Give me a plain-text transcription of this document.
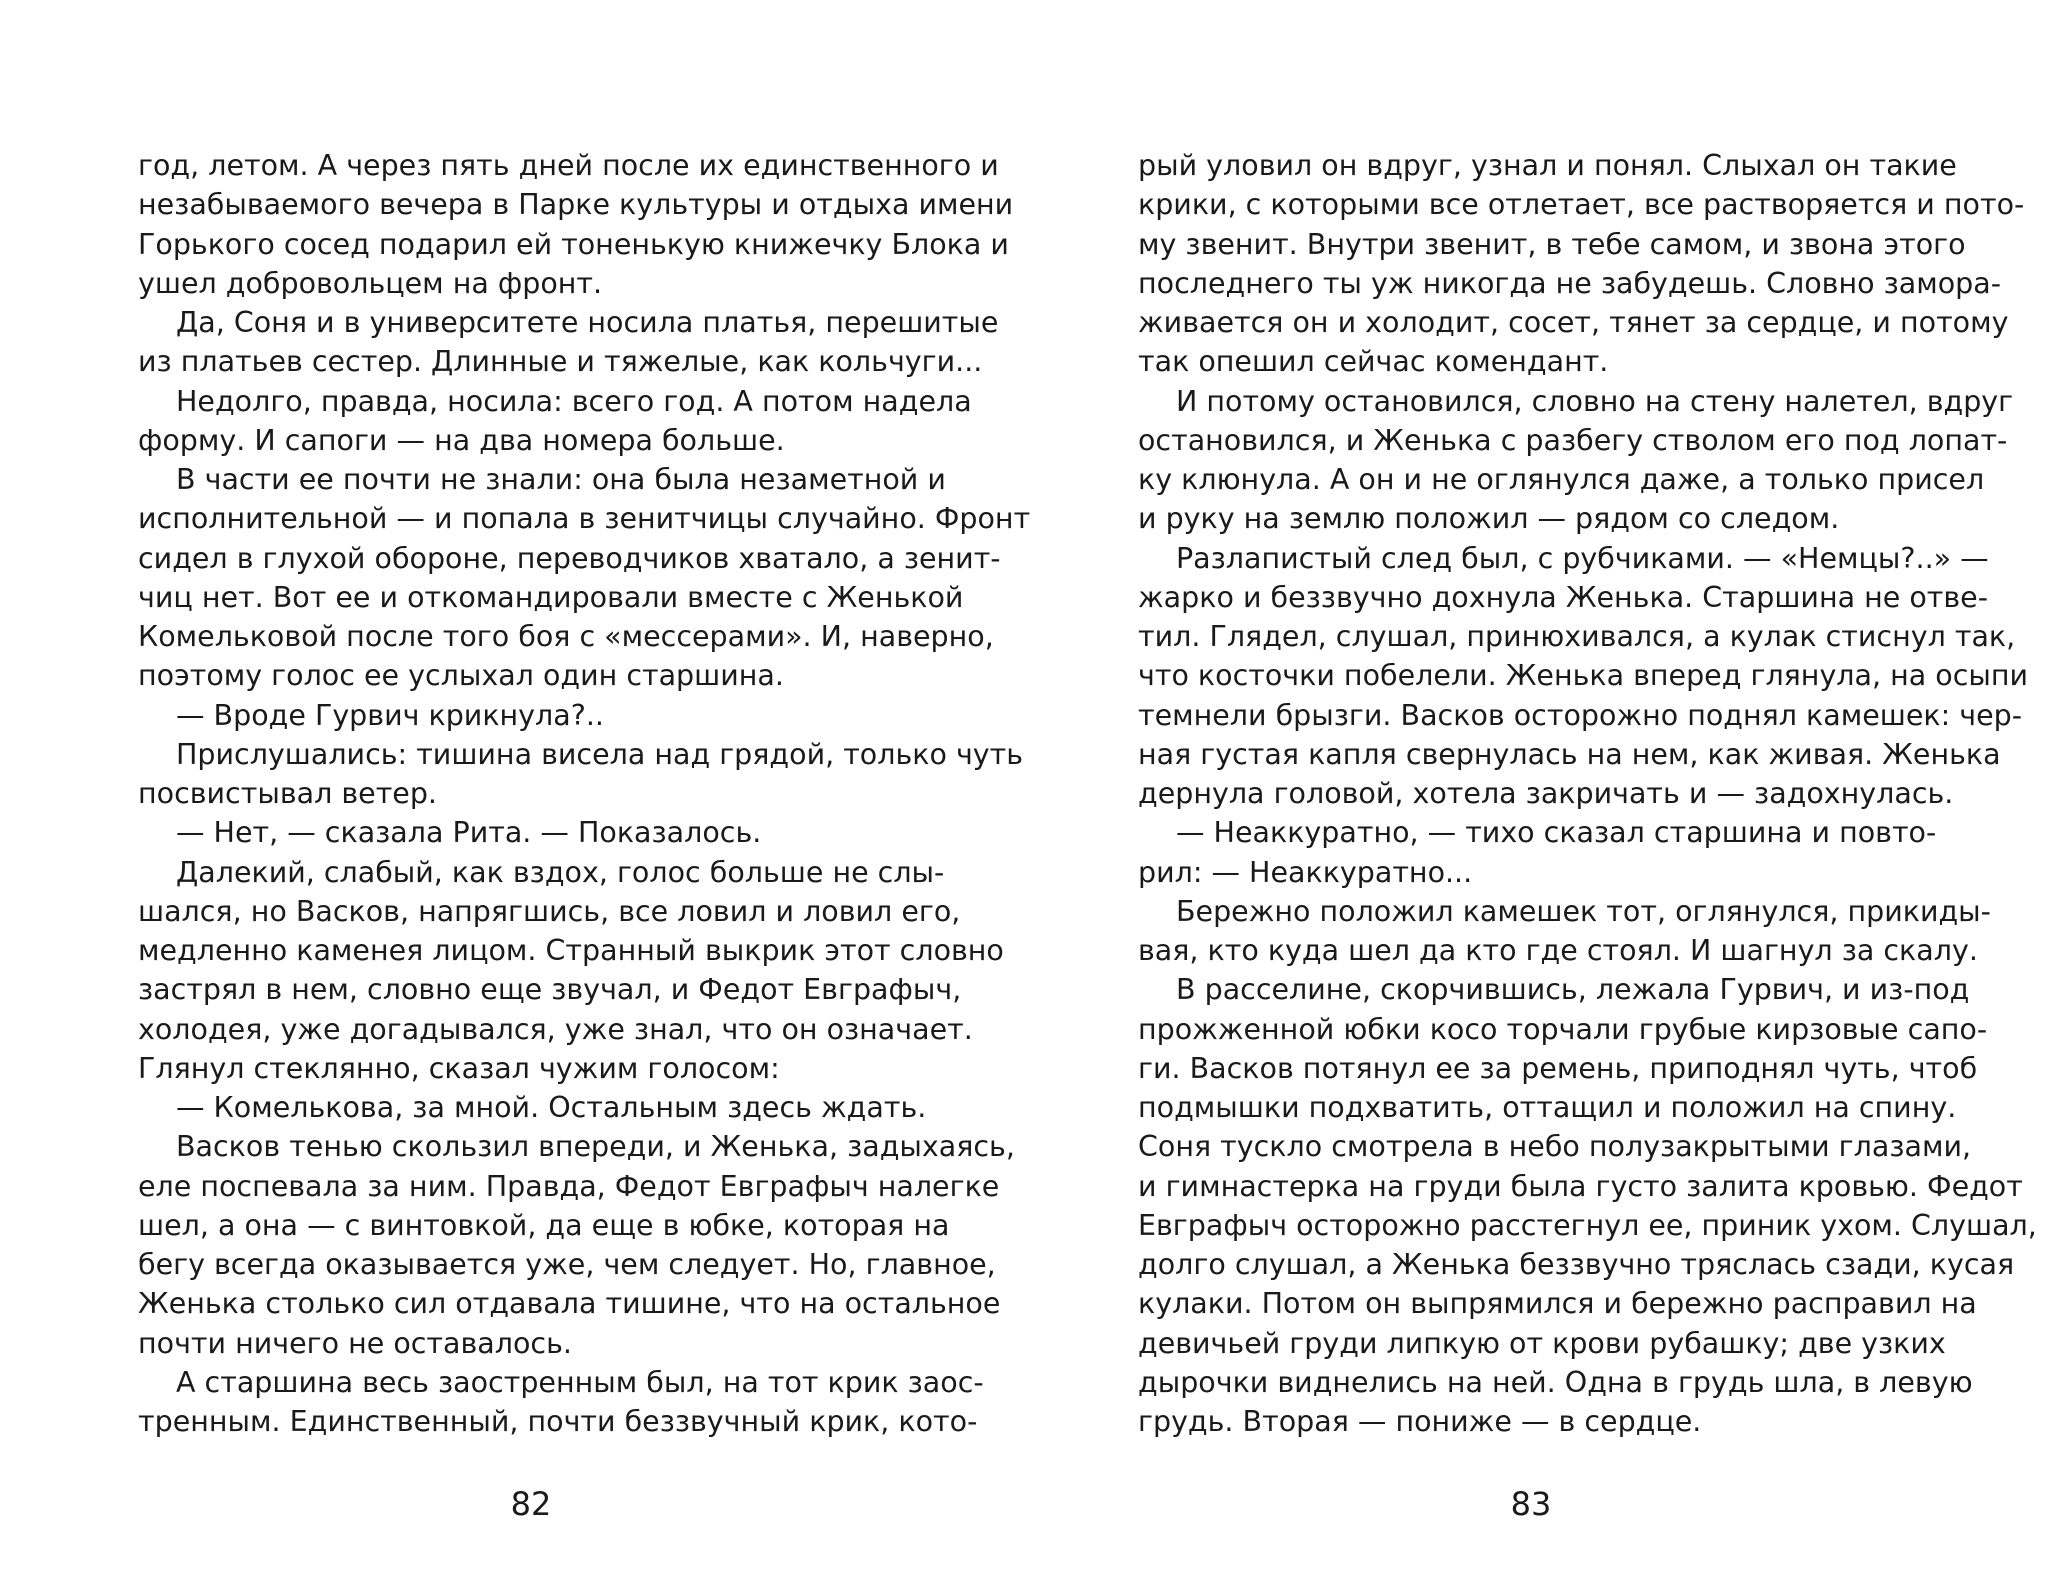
год, летом. А через пять дней после их единственного и
незабываемого вечера в Парке культуры и отдыха имени
Горького сосед подарил ей тоненькую книжечку Блока и
ушел добровольцем на фронт.
Да, Соня и в университете носила платья, перешитые
из платьев сестер. Длинные и тяжелые, как кольчуги...
Недолго, правда, носила: всего год. А потом надела
форму. И сапоги — на два номера больше.
В части ее почти не знали: она была незаметной и
исполнительной — и попала в зенитчицы случайно. Фронт
сидел в глухой обороне, переводчиков хватало, а зенит-
чиц нет. Вот ее и откомандировали вместе с Женькой
Комельковой после того боя с «мессерами». И, наверно,
поэтому голос ее услыхал один старшина.
— Вроде Гурвич крикнула?..
Прислушались: тишина висела над грядой, только чуть
посвистывал ветер.
— Нет, — сказала Рита. — Показалось.
Далекий, слабый, как вздох, голос больше не слы-
шался, но Васков, напрягшись, все ловил и ловил его,
медленно каменея лицом. Странный выкрик этот словно
застрял в нем, словно еще звучал, и Федот Евграфыч,
холодея, уже догадывался, уже знал, что он означает.
Глянул стеклянно, сказал чужим голосом:
— Комелькова, за мной. Остальным здесь ждать.
Васков тенью скользил впереди, и Женька, задыхаясь,
еле поспевала за ним. Правда, Федот Евграфыч налегке
шел, а она — с винтовкой, да еще в юбке, которая на
бегу всегда оказывается уже, чем следует. Но, главное,
Женька столько сил отдавала тишине, что на остальное
почти ничего не оставалось.
А старшина весь заостренным был, на тот крик заос-
тренным. Единственный, почти беззвучный крик, кото-
рый уловил он вдруг, узнал и понял. Слыхал он такие
крики, с которыми все отлетает, все растворяется и пото-
му звенит. Внутри звенит, в тебе самом, и звона этого
последнего ты уж никогда не забудешь. Словно замора-
живается он и холодит, сосет, тянет за сердце, и потому
так опешил сейчас комендант.
И потому остановился, словно на стену налетел, вдруг
остановился, и Женька с разбегу стволом его под лопат-
ку клюнула. А он и не оглянулся даже, а только присел
и руку на землю положил — рядом со следом.
Разлапистый след был, с рубчиками. — «Немцы?..» —
жарко и беззвучно дохнула Женька. Старшина не отве-
тил. Глядел, слушал, принюхивался, а кулак стиснул так,
что косточки побелели. Женька вперед глянула, на осыпи
темнели брызги. Васков осторожно поднял камешек: чер-
ная густая капля свернулась на нем, как живая. Женька
дернула головой, хотела закричать и — задохнулась.
— Неаккуратно, — тихо сказал старшина и повто-
рил: — Неаккуратно...
Бережно положил камешек тот, оглянулся, прикиды-
вая, кто куда шел да кто где стоял. И шагнул за скалу.
В расселине, скорчившись, лежала Гурвич, и из-под
прожженной юбки косо торчали грубые кирзовые сапо-
ги. Васков потянул ее за ремень, приподнял чуть, чтоб
подмышки подхватить, оттащил и положил на спину.
Соня тускло смотрела в небо полузакрытыми глазами,
и гимнастерка на груди была густо залита кровью. Федот
Евграфыч осторожно расстегнул ее, приник ухом. Слушал,
долго слушал, а Женька беззвучно тряслась сзади, кусая
кулаки. Потом он выпрямился и бережно расправил на
девичьей груди липкую от крови рубашку; две узких
дырочки виднелись на ней. Одна в грудь шла, в левую
грудь. Вторая — пониже — в сердце.
82	83
